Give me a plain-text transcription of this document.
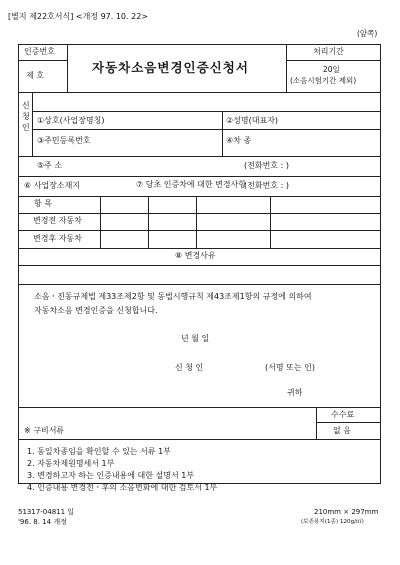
[별지 제22호서식] <개정 97. 10. 22>
(앞쪽)
인증번호
제 호
자동차소음변경인증신청서
처리기간
20일
(소음시험기간 제외)
신
청
인
①상호(사업장명칭)	②성명(대표자)
③주민등록번호	④차 종
⑤주 소	(전화번호 : )
⑥ 사업장소재지	(전화번호 : )
⑦ 당초 인증차에 대한 변경사항
항 목
변경전 자동차
변경후 자동차
⑧ 변경사유
소음ㆍ진동규제법 제33조제2항 및 동법시행규칙 제43조제1항의 규정에 의하여
자동차소음 변경인증을 신청합니다.
년 월 일
신 청 인	(서명 또는 인)
귀하
※ 구비서류
수수료
없 음
1. 동일차종임을 확인할 수 있는 서류 1부
2. 자동차제원명세서 1부
3. 변경하고자 하는 인증내용에 대한 설명서 1부
4. 인증내용 변경전ㆍ후의 소음변화에 대한 검토서 1부
51317-04811 일
'96. 8. 14 개정
210mm × 297mm
(보존용지(1종) 120g/㎡)
